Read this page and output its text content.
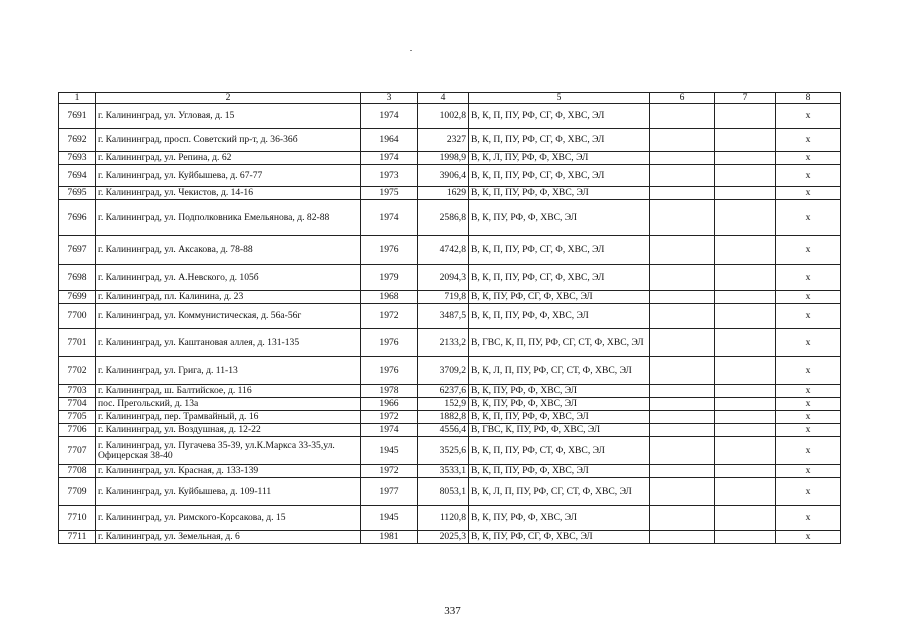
1	2	3	4	5	6	7	8
7691	г. Калининград, ул. Угловая, д. 15	1974	1002,8	В, К, П, ПУ, РФ, СГ, Ф, ХВС, ЭЛ			х
7692	г. Калининград, просп. Советский пр-т, д. 36-36б	1964	2327	В, К, П, ПУ, РФ, СГ, Ф, ХВС, ЭЛ			х
7693	г. Калининград, ул. Репина, д. 62	1974	1998,9	В, К, Л, ПУ, РФ, Ф, ХВС, ЭЛ			х
7694	г. Калининград, ул. Куйбышева, д. 67-77	1973	3906,4	В, К, П, ПУ, РФ, СГ, Ф, ХВС, ЭЛ			х
7695	г. Калининград, ул. Чекистов, д. 14-16	1975	1629	В, К, П, ПУ, РФ, Ф, ХВС, ЭЛ			х
7696	г. Калининград, ул. Подполковника Емельянова, д. 82-88	1974	2586,8	В, К, ПУ, РФ, Ф, ХВС, ЭЛ			х
7697	г. Калининград, ул. Аксакова, д. 78-88	1976	4742,8	В, К, П, ПУ, РФ, СГ, Ф, ХВС, ЭЛ			х
7698	г. Калининград, ул. А.Невского, д. 105б	1979	2094,3	В, К, П, ПУ, РФ, СГ, Ф, ХВС, ЭЛ			х
7699	г. Калининград, пл. Калинина, д. 23	1968	719,8	В, К, ПУ, РФ, СГ, Ф, ХВС, ЭЛ			х
7700	г. Калининград, ул. Коммунистическая, д. 56а-56г	1972	3487,5	В, К, П, ПУ, РФ, Ф, ХВС, ЭЛ			х
7701	г. Калининград, ул. Каштановая аллея, д. 131-135	1976	2133,2	В, ГВС, К, П, ПУ, РФ, СГ, СТ, Ф, ХВС, ЭЛ			х
7702	г. Калининград, ул. Грига, д. 11-13	1976	3709,2	В, К, Л, П, ПУ, РФ, СГ, СТ, Ф, ХВС, ЭЛ			х
7703	г. Калининград, ш. Балтийское, д. 116	1978	6237,6	В, К, ПУ, РФ, Ф, ХВС, ЭЛ			х
7704	пос. Прегольский, д. 13а	1966	152,9	В, К, ПУ, РФ, Ф, ХВС, ЭЛ			х
7705	г. Калининград, пер. Трамвайный, д. 16	1972	1882,8	В, К, П, ПУ, РФ, Ф, ХВС, ЭЛ			х
7706	г. Калининград, ул. Воздушная, д. 12-22	1974	4556,4	В, ГВС, К, ПУ, РФ, Ф, ХВС, ЭЛ			х
7707	г. Калининград, ул. Пугачева 35-39, ул.К.Маркса 33-35,ул. Офицерская 38-40	1945	3525,6	В, К, П, ПУ, РФ, СТ, Ф, ХВС, ЭЛ			х
7708	г. Калининград, ул. Красная, д. 133-139	1972	3533,1	В, К, П, ПУ, РФ, Ф, ХВС, ЭЛ			х
7709	г. Калининград, ул. Куйбышева, д. 109-111	1977	8053,1	В, К, Л, П, ПУ, РФ, СГ, СТ, Ф, ХВС, ЭЛ			х
7710	г. Калининград, ул. Римского-Корсакова, д. 15	1945	1120,8	В, К, ПУ, РФ, Ф, ХВС, ЭЛ			х
7711	г. Калининград, ул. Земельная, д. 6	1981	2025,3	В, К, ПУ, РФ, СГ, Ф, ХВС, ЭЛ			х
337
